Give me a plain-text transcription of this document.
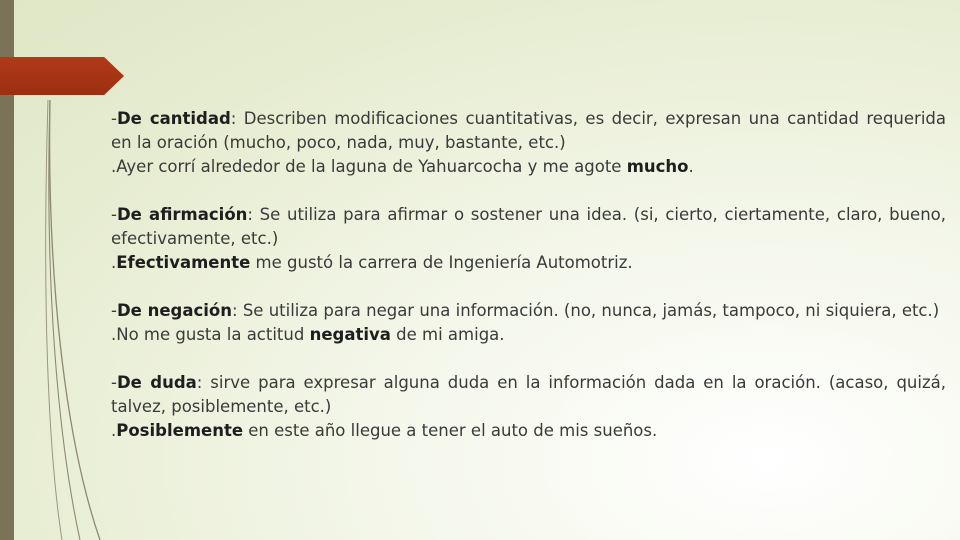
-De cantidad: Describen modificaciones cuantitativas, es decir, expresan una cantidad requerida en la oración (mucho, poco, nada, muy, bastante, etc.)

.Ayer corrí alrededor de la laguna de Yahuarcocha y me agote mucho.

-De afirmación: Se utiliza para afirmar o sostener una idea. (si, cierto, ciertamente, claro, bueno, efectivamente, etc.)

.Efectivamente me gustó la carrera de Ingeniería Automotriz.

-De negación: Se utiliza para negar una información. (no, nunca, jamás, tampoco, ni siquiera, etc.)

.No me gusta la actitud negativa de mi amiga.

-De duda: sirve para expresar alguna duda en la información dada en la oración. (acaso, quizá, talvez, posiblemente, etc.)

.Posiblemente en este año llegue a tener el auto de mis sueños.
